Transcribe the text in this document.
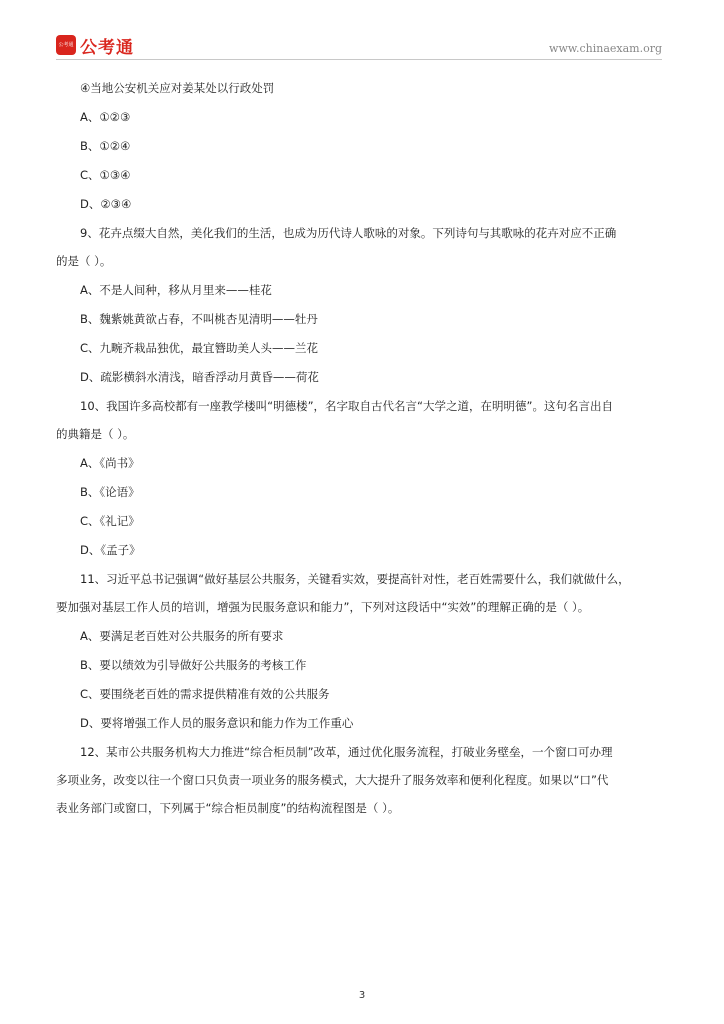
公考通 公考通	www.chinaexam.org
④当地公安机关应对姜某处以行政处罚
A、①②③
B、①②④
C、①③④
D、②③④
9、花卉点缀大自然，美化我们的生活，也成为历代诗人歌咏的对象。下列诗句与其歌咏的花卉对应不正确
的是（ ）。
A、不是人间种，移从月里来——桂花
B、魏紫姚黄欲占春，不叫桃杏见清明——牡丹
C、九畹齐栽品独优，最宜簪助美人头——兰花
D、疏影横斜水清浅，暗香浮动月黄昏——荷花
10、我国许多高校都有一座教学楼叫“明德楼”，名字取自古代名言“大学之道，在明明德”。这句名言出自
的典籍是（ ）。
A、《尚书》
B、《论语》
C、《礼记》
D、《孟子》
11、习近平总书记强调“做好基层公共服务，关键看实效，要提高针对性，老百姓需要什么，我们就做什么，
要加强对基层工作人员的培训，增强为民服务意识和能力”，下列对这段话中“实效”的理解正确的是（ ）。
A、要满足老百姓对公共服务的所有要求
B、要以绩效为引导做好公共服务的考核工作
C、要围绕老百姓的需求提供精准有效的公共服务
D、要将增强工作人员的服务意识和能力作为工作重心
12、某市公共服务机构大力推进“综合柜员制”改革，通过优化服务流程，打破业务壁垒，一个窗口可办理
多项业务，改变以往一个窗口只负责一项业务的服务模式，大大提升了服务效率和便利化程度。如果以“口”代
表业务部门或窗口，下列属于“综合柜员制度”的结构流程图是（ ）。
3
